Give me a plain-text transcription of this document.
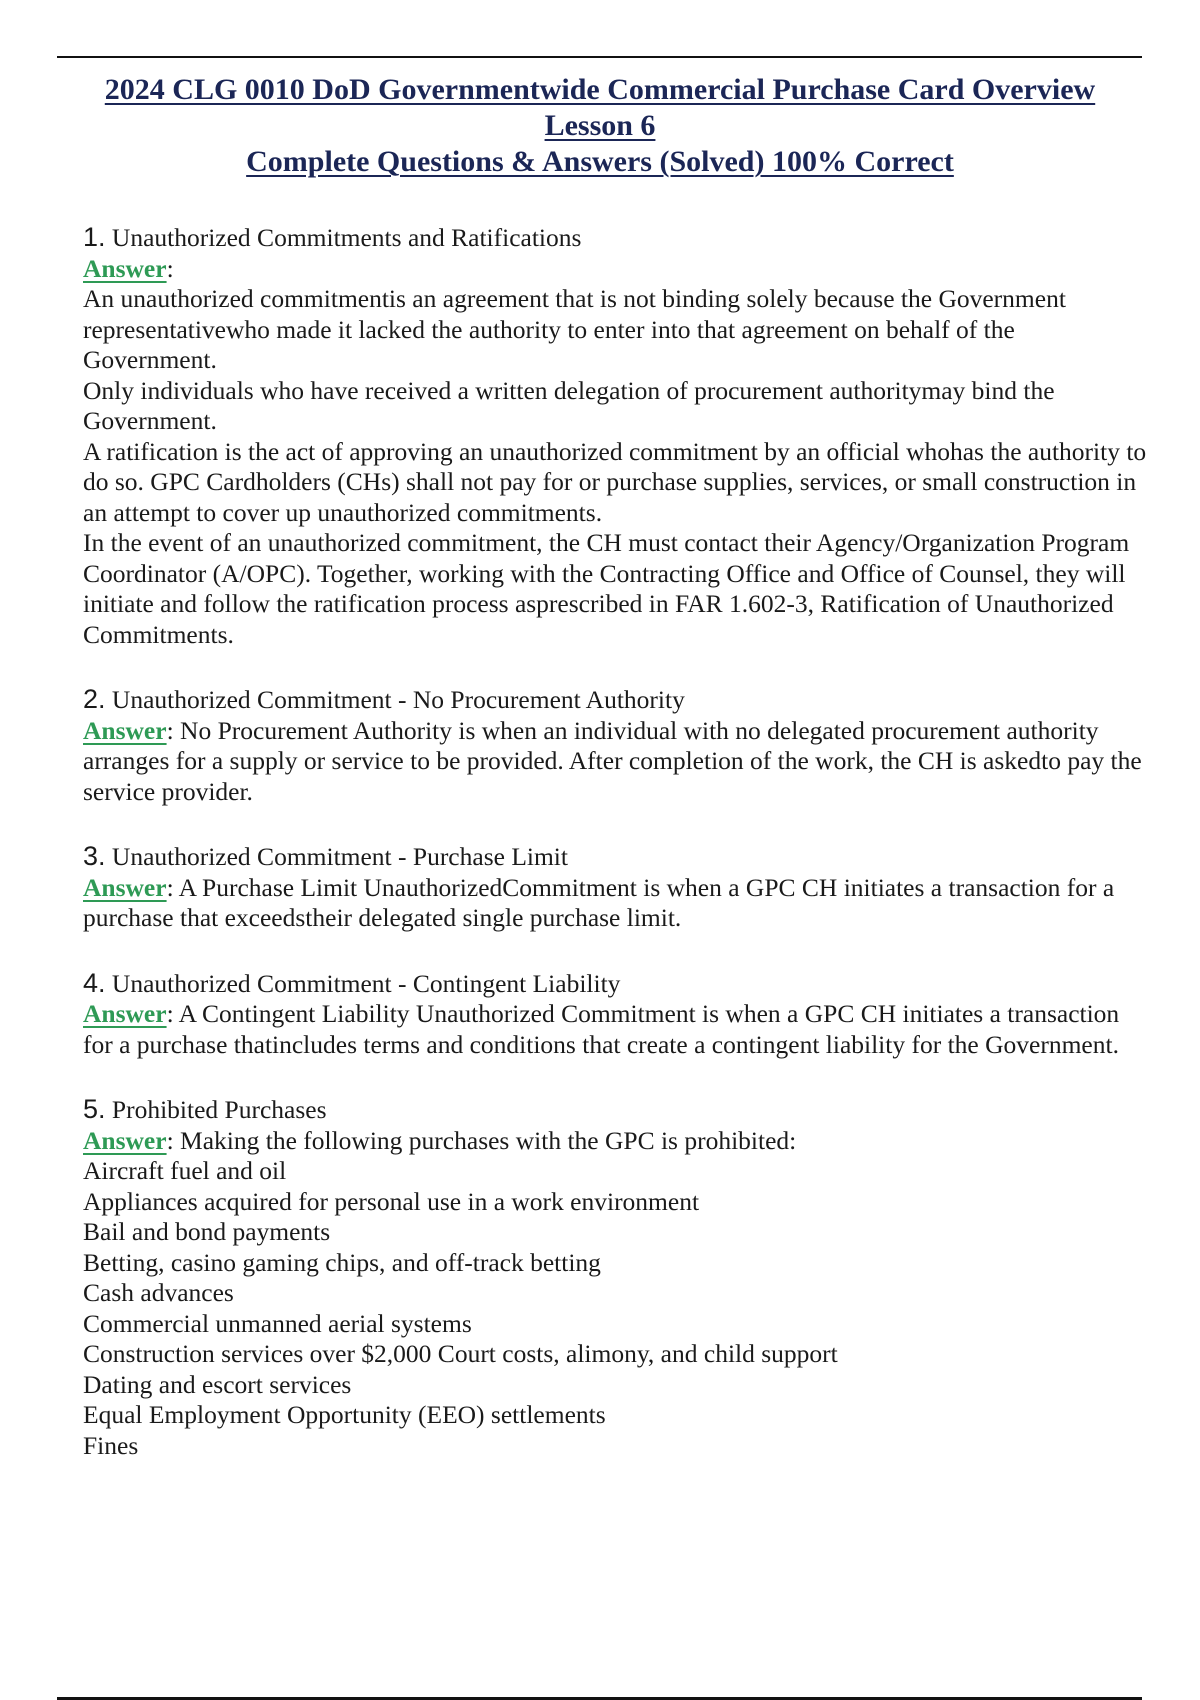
2024 CLG 0010 DoD Governmentwide Commercial Purchase Card Overview
Lesson 6
Complete Questions & Answers (Solved) 100% Correct
1. Unauthorized Commitments and Ratifications
Answer:
An unauthorized commitmentis an agreement that is not binding solely because the Government representativewho made it lacked the authority to enter into that agreement on behalf of the Government.
Only individuals who have received a written delegation of procurement authoritymay bind the Government.
A ratification is the act of approving an unauthorized commitment by an official whohas the authority to do so. GPC Cardholders (CHs) shall not pay for or purchase supplies, services, or small construction in an attempt to cover up unauthorized commitments.
In the event of an unauthorized commitment, the CH must contact their Agency/Organization Program Coordinator (A/OPC). Together, working with the Contracting Office and Office of Counsel, they will initiate and follow the ratification process asprescribed in FAR 1.602-3, Ratification of Unauthorized Commitments.
2. Unauthorized Commitment - No Procurement Authority
Answer: No Procurement Authority is when an individual with no delegated procurement authority arranges for a supply or service to be provided. After completion of the work, the CH is askedto pay the service provider.
3. Unauthorized Commitment - Purchase Limit
Answer: A Purchase Limit UnauthorizedCommitment is when a GPC CH initiates a transaction for a purchase that exceedstheir delegated single purchase limit.
4. Unauthorized Commitment - Contingent Liability
Answer: A Contingent Liability Unauthorized Commitment is when a GPC CH initiates a transaction for a purchase thatincludes terms and conditions that create a contingent liability for the Government.
5. Prohibited Purchases
Answer: Making the following purchases with the GPC is prohibited:
Aircraft fuel and oil
Appliances acquired for personal use in a work environment
Bail and bond payments
Betting, casino gaming chips, and off-track betting
Cash advances
Commercial unmanned aerial systems
Construction services over $2,000 Court costs, alimony, and child support
Dating and escort services
Equal Employment Opportunity (EEO) settlements
Fines
